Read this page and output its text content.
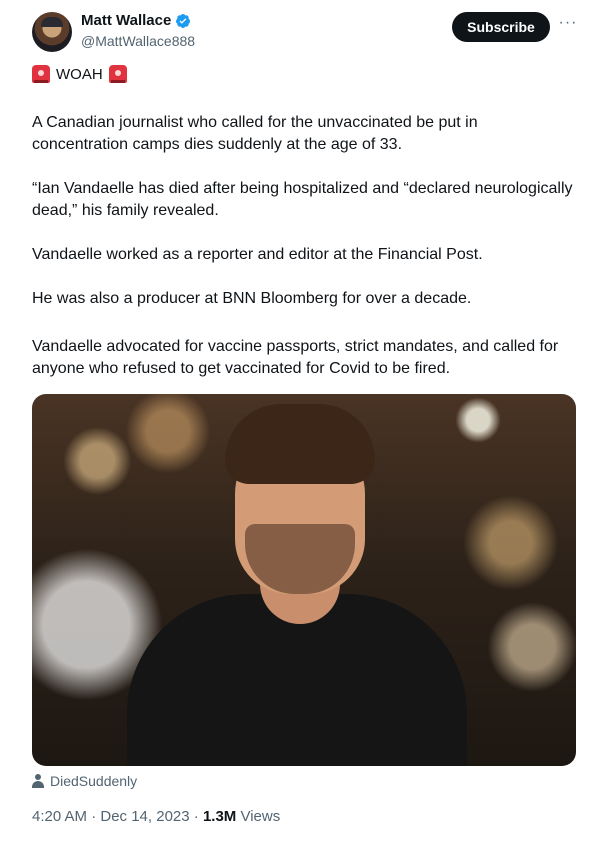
Matt Wallace
@MattWallace888
Subscribe	···
WOAH

A Canadian journalist who called for the unvaccinated be put in concentration camps dies suddenly at the age of 33.

“Ian Vandaelle has died after being hospitalized and “declared neurologically dead,” his family revealed.

Vandaelle worked as a reporter and editor at the Financial Post.

He was also a producer at BNN Bloomberg for over a decade.

Vandaelle advocated for vaccine passports, strict mandates, and called for anyone who refused to get vaccinated for Covid to be fired.

DiedSuddenly
4:20 AM · Dec 14, 2023 · 1.3M Views
